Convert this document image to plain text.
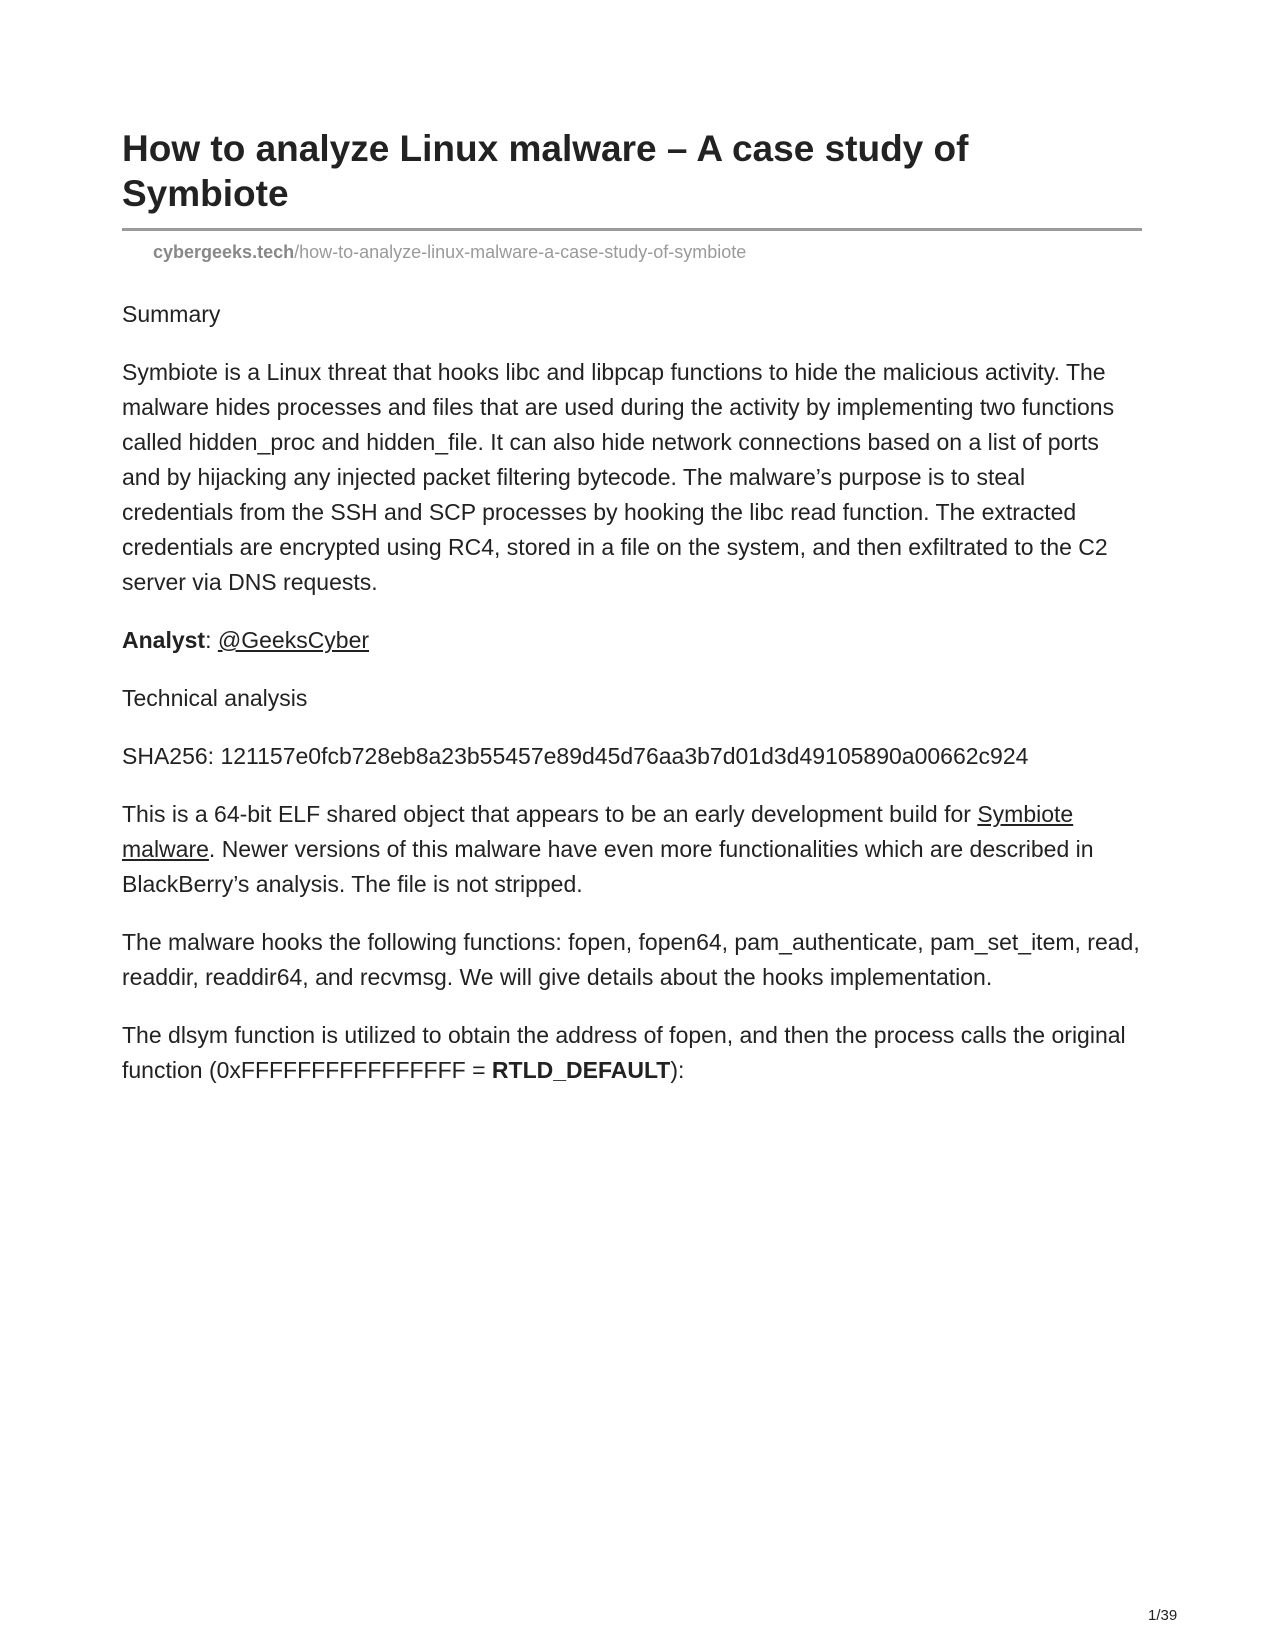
How to analyze Linux malware – A case study of Symbiote
cybergeeks.tech/how-to-analyze-linux-malware-a-case-study-of-symbiote

Summary

Symbiote is a Linux threat that hooks libc and libpcap functions to hide the malicious activity. The malware hides processes and files that are used during the activity by implementing two functions called hidden_proc and hidden_file. It can also hide network connections based on a list of ports and by hijacking any injected packet filtering bytecode. The malware’s purpose is to steal credentials from the SSH and SCP processes by hooking the libc read function. The extracted credentials are encrypted using RC4, stored in a file on the system, and then exfiltrated to the C2 server via DNS requests.

Analyst: @GeeksCyber

Technical analysis

SHA256: 121157e0fcb728eb8a23b55457e89d45d76aa3b7d01d3d49105890a00662c924

This is a 64-bit ELF shared object that appears to be an early development build for Symbiote malware. Newer versions of this malware have even more functionalities which are described in BlackBerry’s analysis. The file is not stripped.

The malware hooks the following functions: fopen, fopen64, pam_authenticate, pam_set_item, read, readdir, readdir64, and recvmsg. We will give details about the hooks implementation.

The dlsym function is utilized to obtain the address of fopen, and then the process calls the original function (0xFFFFFFFFFFFFFFFF = RTLD_DEFAULT):

1/39
